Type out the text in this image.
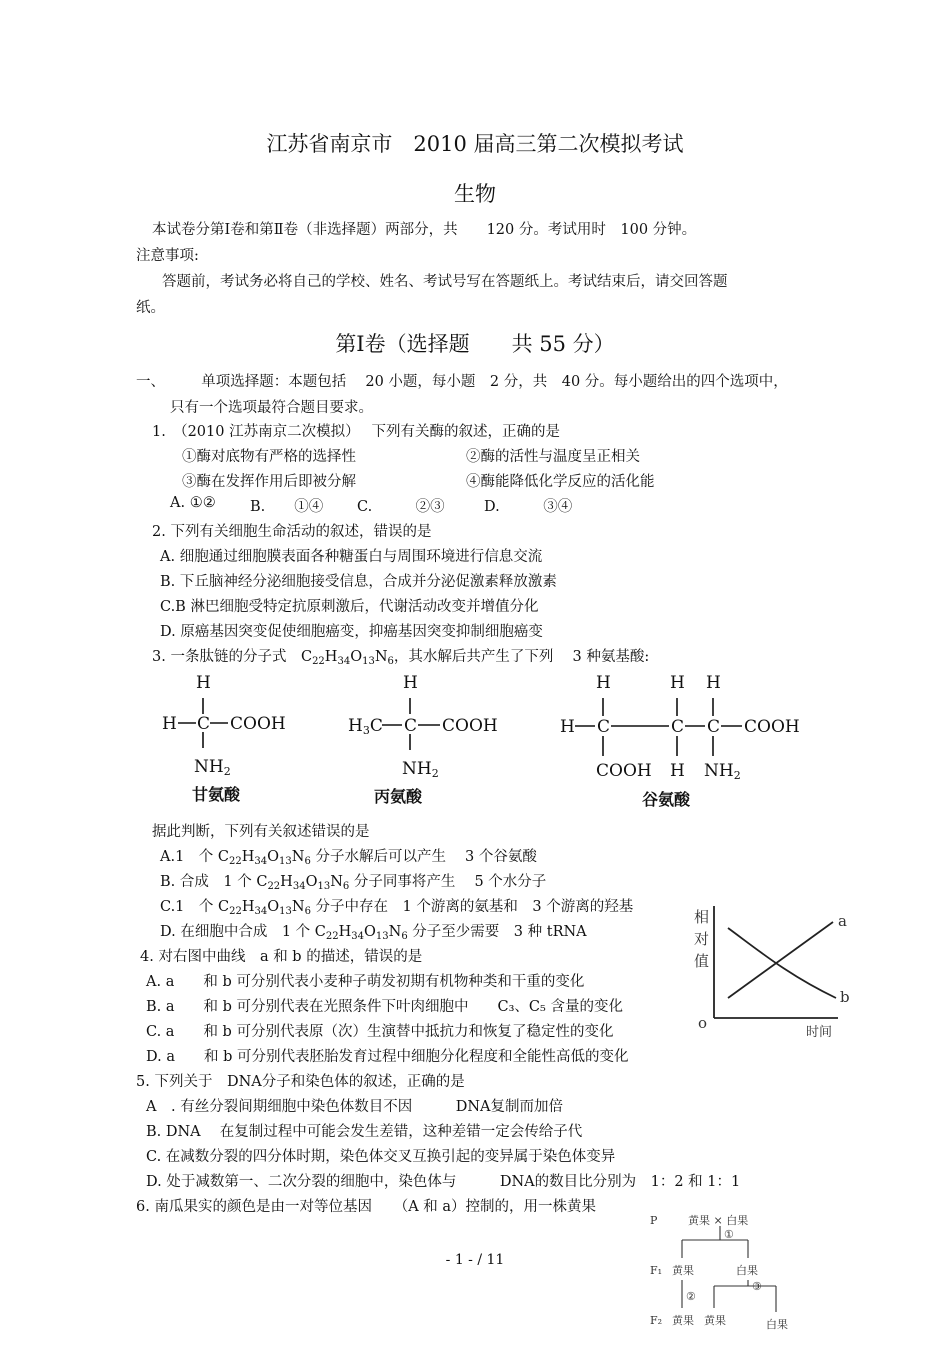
江苏省南京市　2010 届高三第二次模拟考试
生物
本试卷分第Ⅰ卷和第Ⅱ卷（非选择题）两部分，共　　120 分。考试用时　100 分钟。
注意事项:
答题前，考试务必将自己的学校、姓名、考试号写在答题纸上。考试结束后，请交回答题
纸。
第Ⅰ卷（选择题　　共 55 分）
一、　　　单项选择题：本题包括　 20 小题，每小题　2 分，共　40 分。每小题给出的四个选项中，
只有一个选项最符合题目要求。
1.　（2010 江苏南京二次模拟）　 下列有关酶的叙述，正确的是
①酶对底物有严格的选择性	②酶的活性与温度呈正相关
③酶在发挥作用后即被分解	④酶能降低化学反应的活化能
A. ①② B.　　①④ C.　　　②③	D.　　　③④
2. 下列有关细胞生命活动的叙述，错误的是
A. 细胞通过细胞膜表面各种糖蛋白与周围环境进行信息交流
B. 下丘脑神经分泌细胞接受信息，合成并分泌促激素释放激素
C.B 淋巴细胞受特定抗原刺激后，代谢活动改变并增值分化
D. 原癌基因突变促使细胞癌变，抑癌基因突变抑制细胞癌变
3. 一条肽链的分子式　$C_{22}H_{34}O_{13}N_6$，其水解后共产生了下列　 3 种氨基酸:
H
H C COOH
NH2
H
H3C C COOH
NH2
H	H H
H C	C C COOH
COOH H NH2
甘氨酸	丙氨酸	谷氨酸
据此判断，下列有关叙述错误的是
A.1　个 $C_{22}H_{34}O_{13}N_6$ 分子水解后可以产生　 3 个谷氨酸
B. 合成　1 个 $C_{22}H_{34}O_{13}N_6$ 分子同事将产生　 5 个水分子
C.1　个 $C_{22}H_{34}O_{13}N_6$ 分子中存在　1 个游离的氨基和　3 个游离的羟基
D. 在细胞中合成　1 个 $C_{22}H_{34}O_{13}N_6$ 分子至少需要　3 种 tRNA
4. 对右图中曲线　a 和 b 的描述，错误的是
A. a　　和 b 可分别代表小麦种子萌发初期有机物种类和干重的变化
B. a　　和 b 可分别代表在光照条件下叶肉细胞中　　C₃、C₅ 含量的变化
C. a　　和 b 可分别代表原（次）生演替中抵抗力和恢复了稳定性的变化
D. a　　和 b 可分别代表胚胎发育过程中细胞分化程度和全能性高低的变化
相
对
值
o
时间
a
b
5. 下列关于　DNA分子和染色体的叙述，正确的是
A　. 有丝分裂间期细胞中染色体数目不因　　　DNA复制而加倍
B. DNA　 在复制过程中可能会发生差错，这种差错一定会传给子代
C. 在减数分裂的四分体时期，染色体交叉互换引起的变异属于染色体变异
D. 处于减数第一、二次分裂的细胞中，染色体与　　　DNA的数目比分别为　1：2 和 1：1
6. 南瓜果实的颜色是由一对等位基因　　（A 和 a）控制的，用一株黄果
P	黄果 × 白果
①
F₁ 黄果	白果
②
③
F₂ 黄果 黄果	白果
- 1 - / 11
